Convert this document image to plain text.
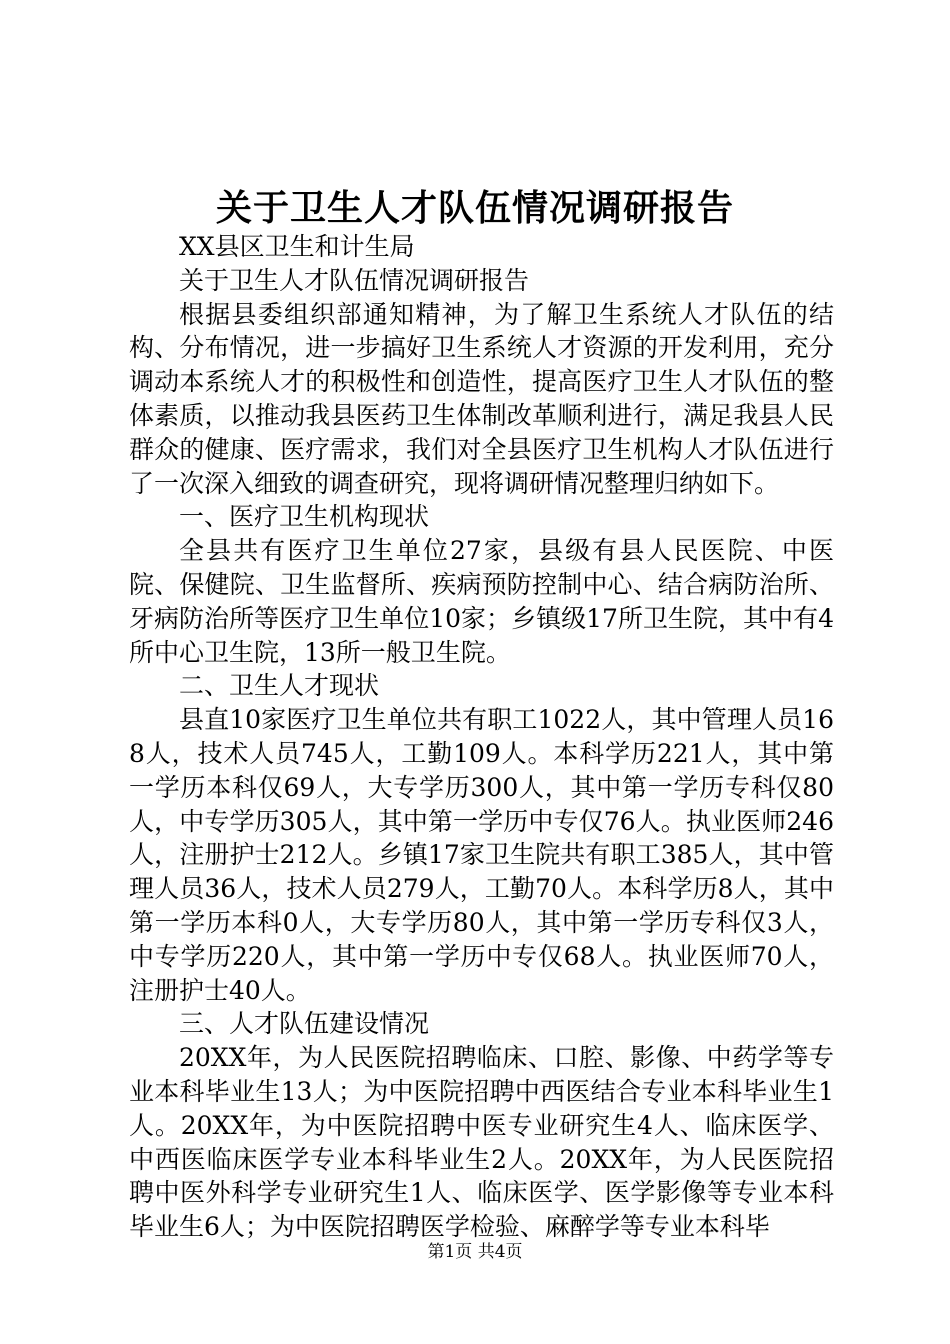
关于卫生人才队伍情况调研报告

XX县区卫生和计生局

关于卫生人才队伍情况调研报告

根据县委组织部通知精神，为了解卫生系统人才队伍的结构、分布情况，进一步搞好卫生系统人才资源的开发利用，充分调动本系统人才的积极性和创造性，提高医疗卫生人才队伍的整体素质，以推动我县医药卫生体制改革顺利进行，满足我县人民群众的健康、医疗需求，我们对全县医疗卫生机构人才队伍进行了一次深入细致的调查研究，现将调研情况整理归纳如下。

一、医疗卫生机构现状

全县共有医疗卫生单位27家，县级有县人民医院、中医院、保健院、卫生监督所、疾病预防控制中心、结合病防治所、牙病防治所等医疗卫生单位10家；乡镇级17所卫生院，其中有4所中心卫生院，13所一般卫生院。

二、卫生人才现状

县直10家医疗卫生单位共有职工1022人，其中管理人员168人，技术人员745人，工勤109人。本科学历221人，其中第一学历本科仅69人，大专学历300人，其中第一学历专科仅80人，中专学历305人，其中第一学历中专仅76人。执业医师246人，注册护士212人。乡镇17家卫生院共有职工385人，其中管理人员36人，技术人员279人，工勤70人。本科学历8人，其中第一学历本科0人，大专学历80人，其中第一学历专科仅3人，中专学历220人，其中第一学历中专仅68人。执业医师70人，注册护士40人。

三、人才队伍建设情况

20XX年，为人民医院招聘临床、口腔、影像、中药学等专业本科毕业生13人；为中医院招聘中西医结合专业本科毕业生1人。20XX年，为中医院招聘中医专业研究生4人、临床医学、中西医临床医学专业本科毕业生2人。20XX年，为人民医院招聘中医外科学专业研究生1人、临床医学、医学影像等专业本科毕业生6人；为中医院招聘医学检验、麻醉学等专业本科毕

第1页 共4页
